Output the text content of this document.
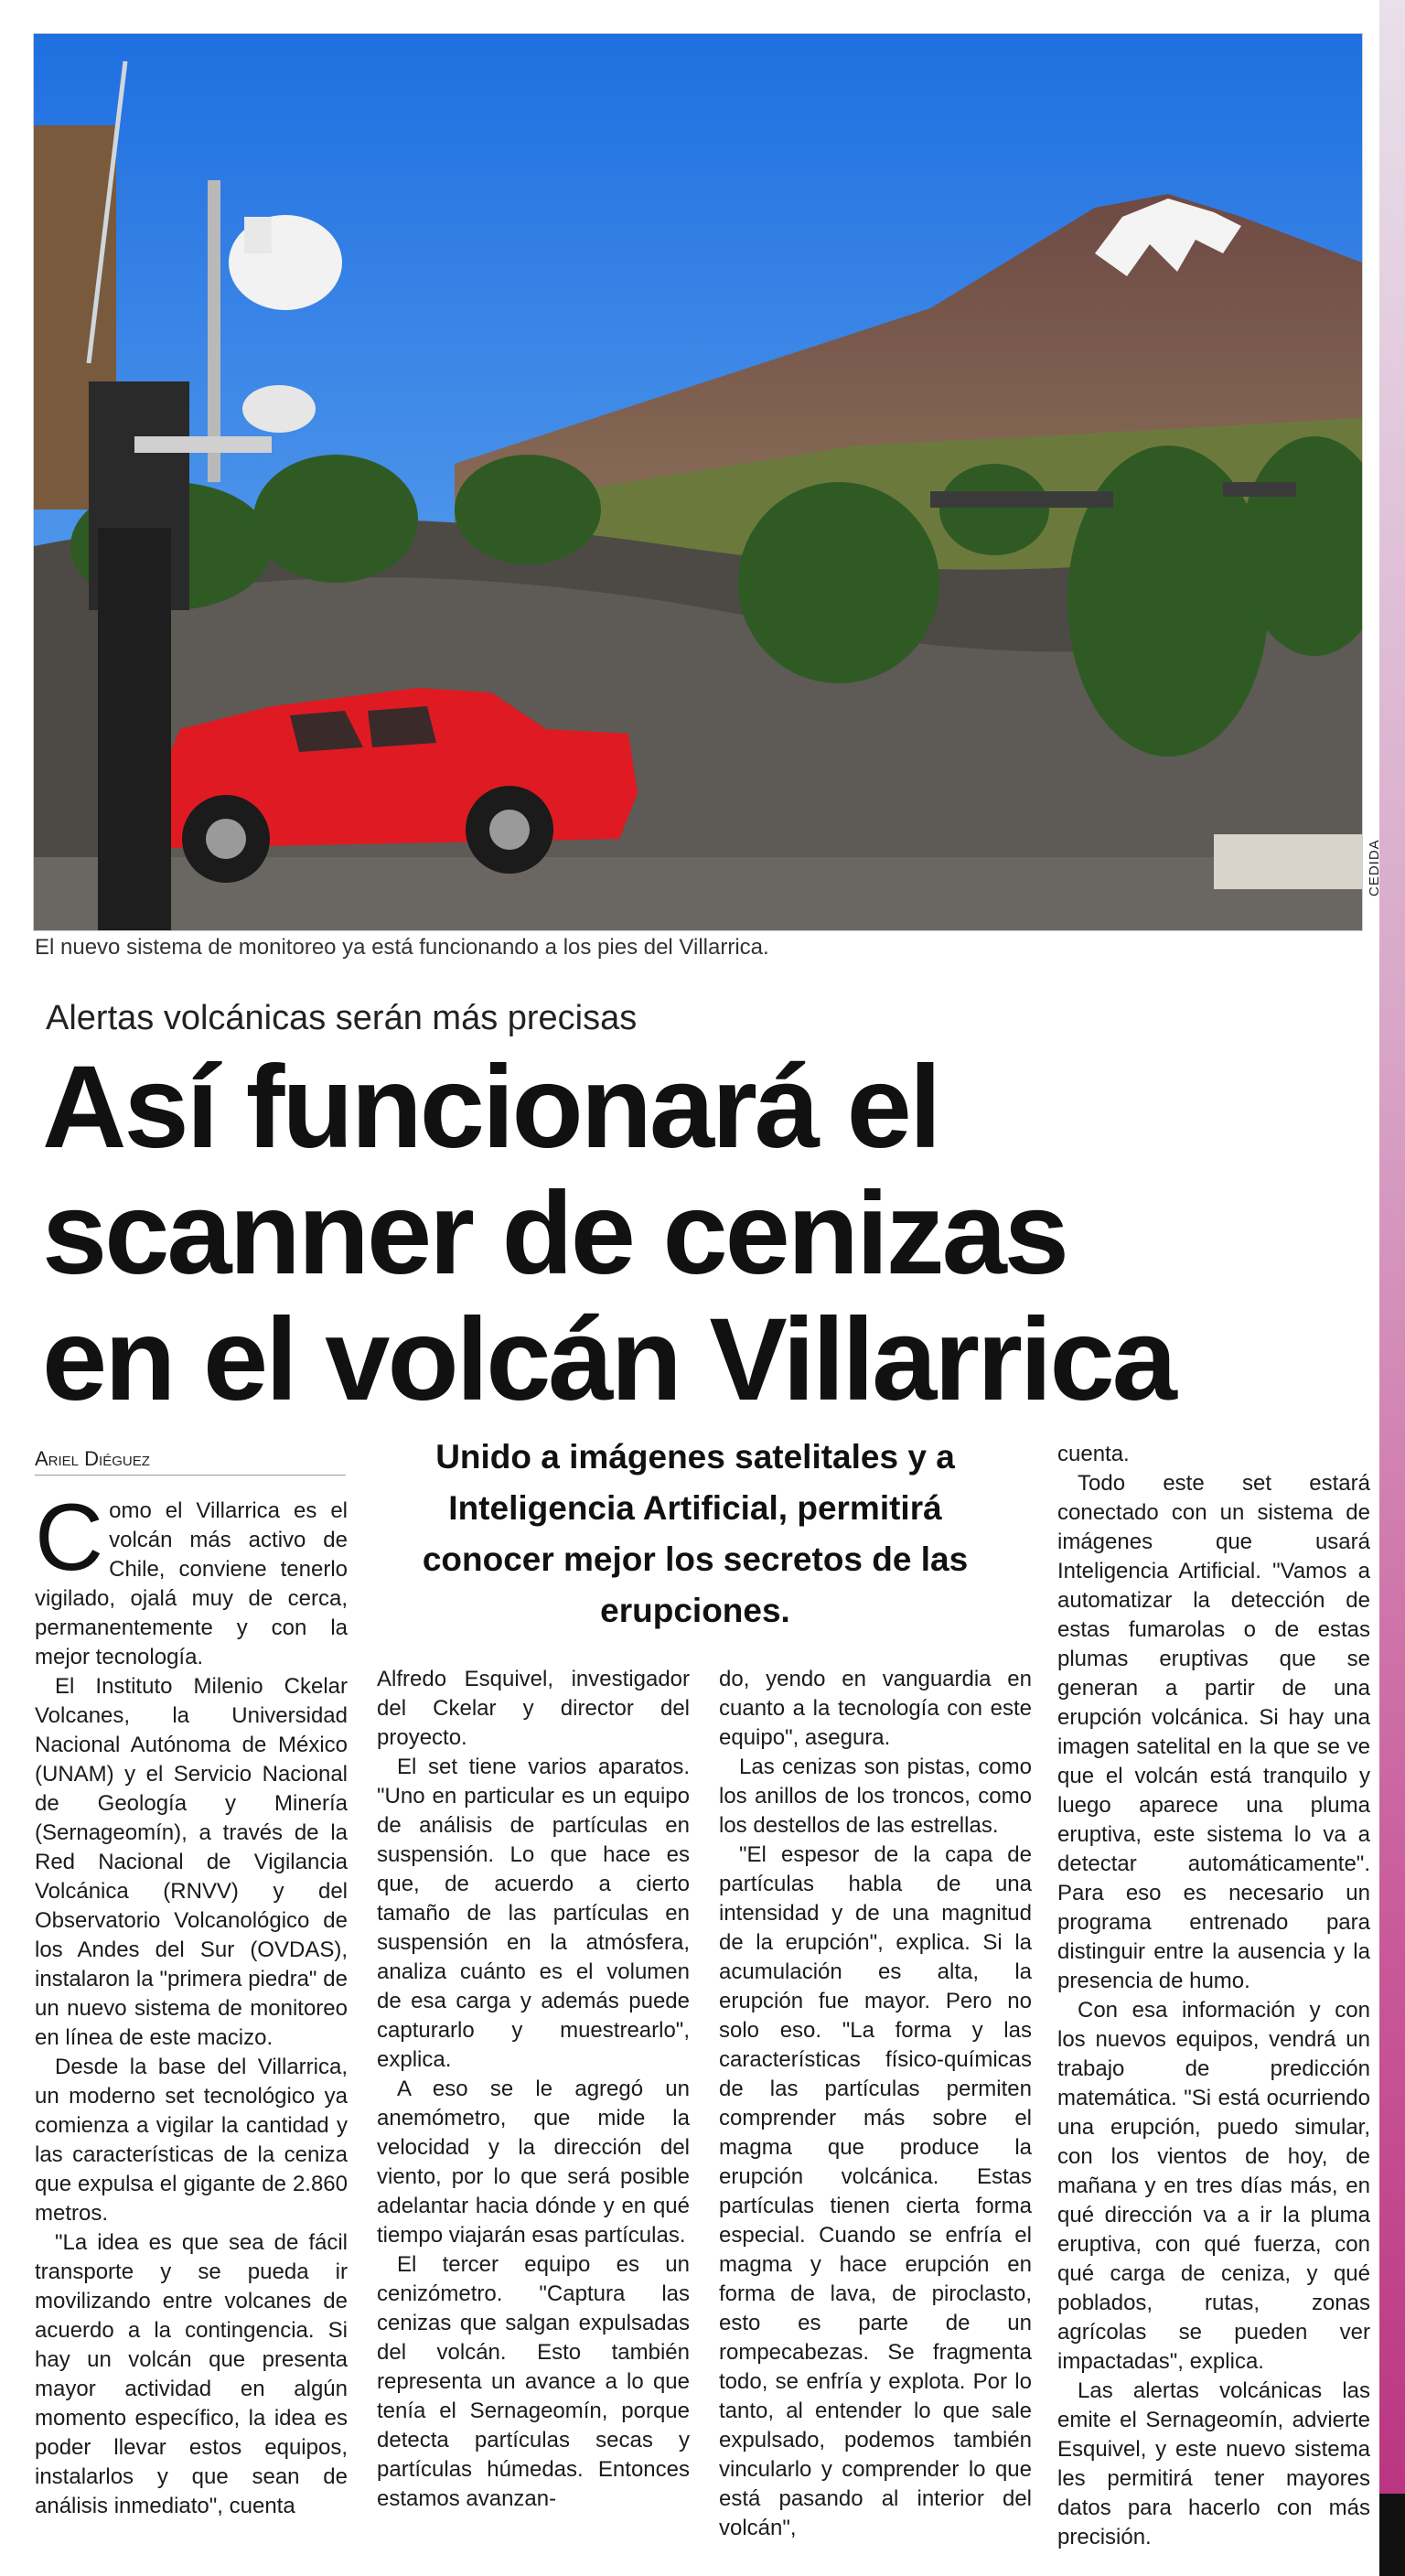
CEDIDA
El nuevo sistema de monitoreo ya está funcionando a los pies del Villarrica.
Alertas volcánicas serán más precisas
Así funcionará el
scanner de cenizas
en el volcán Villarrica
Ariel Diéguez	Unido a imágenes satelitales y a Inteligencia Artificial, permitirá conocer mejor los secretos de las erupciones.

Como el Villarrica es el volcán más activo de Chile, conviene tenerlo vigilado, ojalá muy de cerca, permanentemente y con la mejor tecnología.

El Instituto Milenio Ckelar Volcanes, la Universidad Nacional Autónoma de México (UNAM) y el Servicio Nacional de Geología y Minería (Sernageomín), a través de la Red Nacional de Vigilancia Volcánica (RNVV) y del Observatorio Volcanológico de los Andes del Sur (OVDAS), instalaron la "primera piedra" de un nuevo sistema de monitoreo en línea de este macizo.

Desde la base del Villarrica, un moderno set tecnológico ya comienza a vigilar la cantidad y las características de la ceniza que expulsa el gigante de 2.860 metros.

"La idea es que sea de fácil transporte y se pueda ir movilizando entre volcanes de acuerdo a la contingencia. Si hay un volcán que presenta mayor actividad en algún momento específico, la idea es poder llevar estos equipos, instalarlos y que sean de análisis inmediato", cuenta

Alfredo Esquivel, investigador del Ckelar y director del proyecto.

El set tiene varios aparatos. "Uno en particular es un equipo de análisis de partículas en suspensión. Lo que hace es que, de acuerdo a cierto tamaño de las partículas en suspensión en la atmósfera, analiza cuánto es el volumen de esa carga y además puede capturarlo y muestrearlo", explica.

A eso se le agregó un anemómetro, que mide la velocidad y la dirección del viento, por lo que será posible adelantar hacia dónde y en qué tiempo viajarán esas partículas.

El tercer equipo es un cenizómetro. "Captura las cenizas que salgan expulsadas del volcán. Esto también representa un avance a lo que tenía el Sernageomín, porque detecta partículas secas y partículas húmedas. Entonces estamos avanzan-

do, yendo en vanguardia en cuanto a la tecnología con este equipo", asegura.

Las cenizas son pistas, como los anillos de los troncos, como los destellos de las estrellas.

"El espesor de la capa de partículas habla de una intensidad y de una magnitud de la erupción", explica. Si la acumulación es alta, la erupción fue mayor. Pero no solo eso. "La forma y las características físico-químicas de las partículas permiten comprender más sobre el magma que produce la erupción volcánica. Estas partículas tienen cierta forma especial. Cuando se enfría el magma y hace erupción en forma de lava, de piroclasto, esto es parte de un rompecabezas. Se fragmenta todo, se enfría y explota. Por lo tanto, al entender lo que sale expulsado, podemos también vincularlo y comprender lo que está pasando al interior del volcán",

cuenta.

Todo este set estará conectado con un sistema de imágenes que usará Inteligencia Artificial. "Vamos a automatizar la detección de estas fumarolas o de estas plumas eruptivas que se generan a partir de una erupción volcánica. Si hay una imagen satelital en la que se ve que el volcán está tranquilo y luego aparece una pluma eruptiva, este sistema lo va a detectar automáticamente". Para eso es necesario un programa entrenado para distinguir entre la ausencia y la presencia de humo.

Con esa información y con los nuevos equipos, vendrá un trabajo de predicción matemática. "Si está ocurriendo una erupción, puedo simular, con los vientos de hoy, de mañana y en tres días más, en qué dirección va a ir la pluma eruptiva, con qué fuerza, con qué carga de ceniza, y qué poblados, rutas, zonas agrícolas se pueden ver impactadas", explica.

Las alertas volcánicas las emite el Sernageomín, advierte Esquivel, y este nuevo sistema les permitirá tener mayores datos para hacerlo con más precisión.
